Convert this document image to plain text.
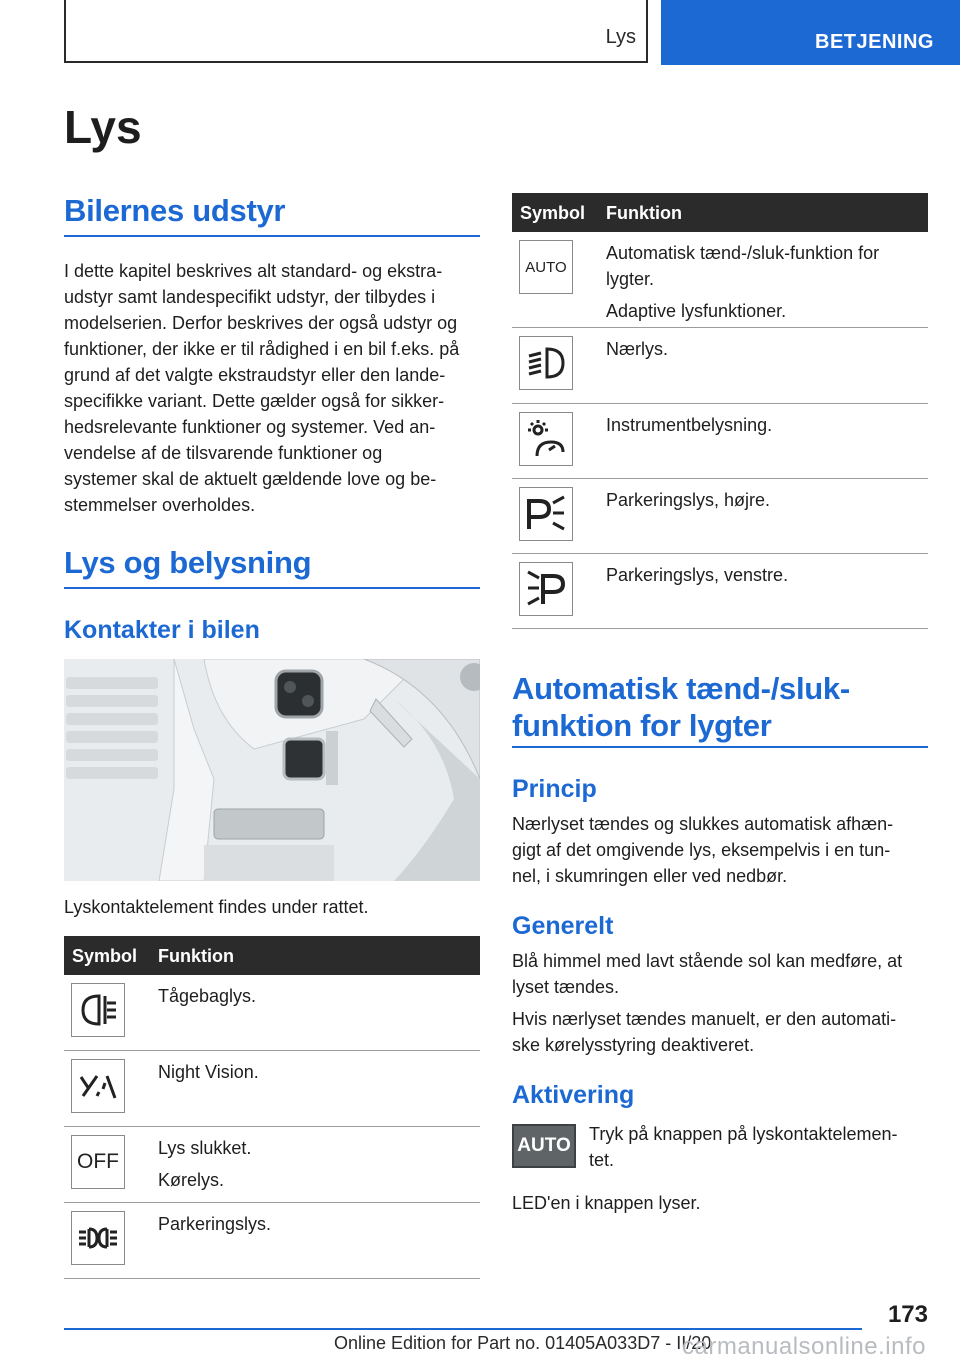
Lys	BETJENING
Lys
Bilernes udstyr
I dette kapitel beskrives alt standard- og ekstra-
udstyr samt landespecifikt udstyr, der tilbydes i
modelserien. Derfor beskrives der også udstyr og
funktioner, der ikke er til rådighed i en bil f.eks. på
grund af det valgte ekstraudstyr eller den lande-
specifikke variant. Dette gælder også for sikker-
hedsrelevante funktioner og systemer. Ved an-
vendelse af de tilsvarende funktioner og
systemer skal de aktuelt gældende love og be-
stemmelser overholdes.
Lys og belysning
Kontakter i bilen
Lyskontaktelement findes under rattet.
Symbol Funktion

Tågebaglys.

Night Vision.

OFF

Lys slukket.

Kørelys.

Parkeringslys.

Symbol Funktion
AUTO

Automatisk tænd-/sluk-funktion for
lygter.

Adaptive lysfunktioner.

Nærlys.

Instrumentbelysning.

Parkeringslys, højre.

Parkeringslys, venstre.

Automatisk tænd-/sluk-
funktion for lygter
Princip
Nærlyset tændes og slukkes automatisk afhæn-
gigt af det omgivende lys, eksempelvis i en tun-
nel, i skumringen eller ved nedbør.
Generelt
Blå himmel med lavt stående sol kan medføre, at
lyset tændes.
Hvis nærlyset tændes manuelt, er den automati-
ske kørelysstyring deaktiveret.
Aktivering
AUTO
Tryk på knappen på lyskontaktelemen-
tet.
LED'en i knappen lyser.
173
Online Edition for Part no. 01405A033D7 - II/20
carmanualsonline.info
